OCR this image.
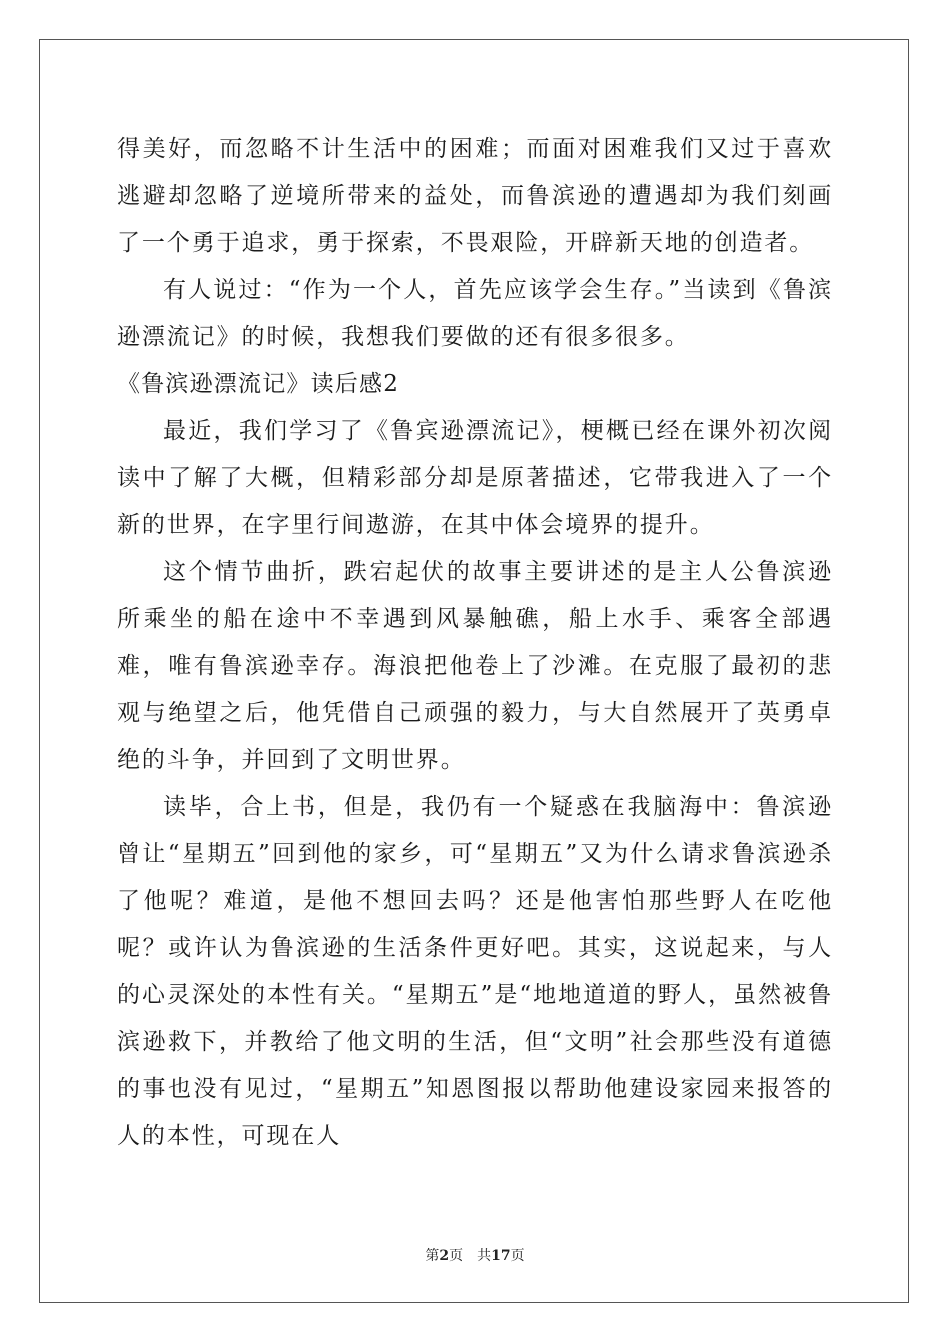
得美好，而忽略不计生活中的困难；而面对困难我们又过于喜欢逃避却忽略了逆境所带来的益处，而鲁滨逊的遭遇却为我们刻画了一个勇于追求，勇于探索，不畏艰险，开辟新天地的创造者。

有人说过：“作为一个人，首先应该学会生存。”当读到《鲁滨逊漂流记》的时候，我想我们要做的还有很多很多。

《鲁滨逊漂流记》读后感2

最近，我们学习了《鲁宾逊漂流记》，梗概已经在课外初次阅读中了解了大概，但精彩部分却是原著描述，它带我进入了一个新的世界，在字里行间遨游，在其中体会境界的提升。

这个情节曲折，跌宕起伏的故事主要讲述的是主人公鲁滨逊所乘坐的船在途中不幸遇到风暴触礁，船上水手、乘客全部遇难，唯有鲁滨逊幸存。海浪把他卷上了沙滩。在克服了最初的悲观与绝望之后，他凭借自己顽强的毅力，与大自然展开了英勇卓绝的斗争，并回到了文明世界。

读毕，合上书，但是，我仍有一个疑惑在我脑海中：鲁滨逊曾让“星期五”回到他的家乡，可“星期五”又为什么请求鲁滨逊杀了他呢？难道，是他不想回去吗？还是他害怕那些野人在吃他呢？或许认为鲁滨逊的生活条件更好吧。其实，这说起来，与人的心灵深处的本性有关。“星期五”是“地地道道的野人，虽然被鲁滨逊救下，并教给了他文明的生活，但“文明”社会那些没有道德的事也没有见过，“星期五”知恩图报以帮助他建设家园来报答的人的本性，可现在人

第2页 共17页
